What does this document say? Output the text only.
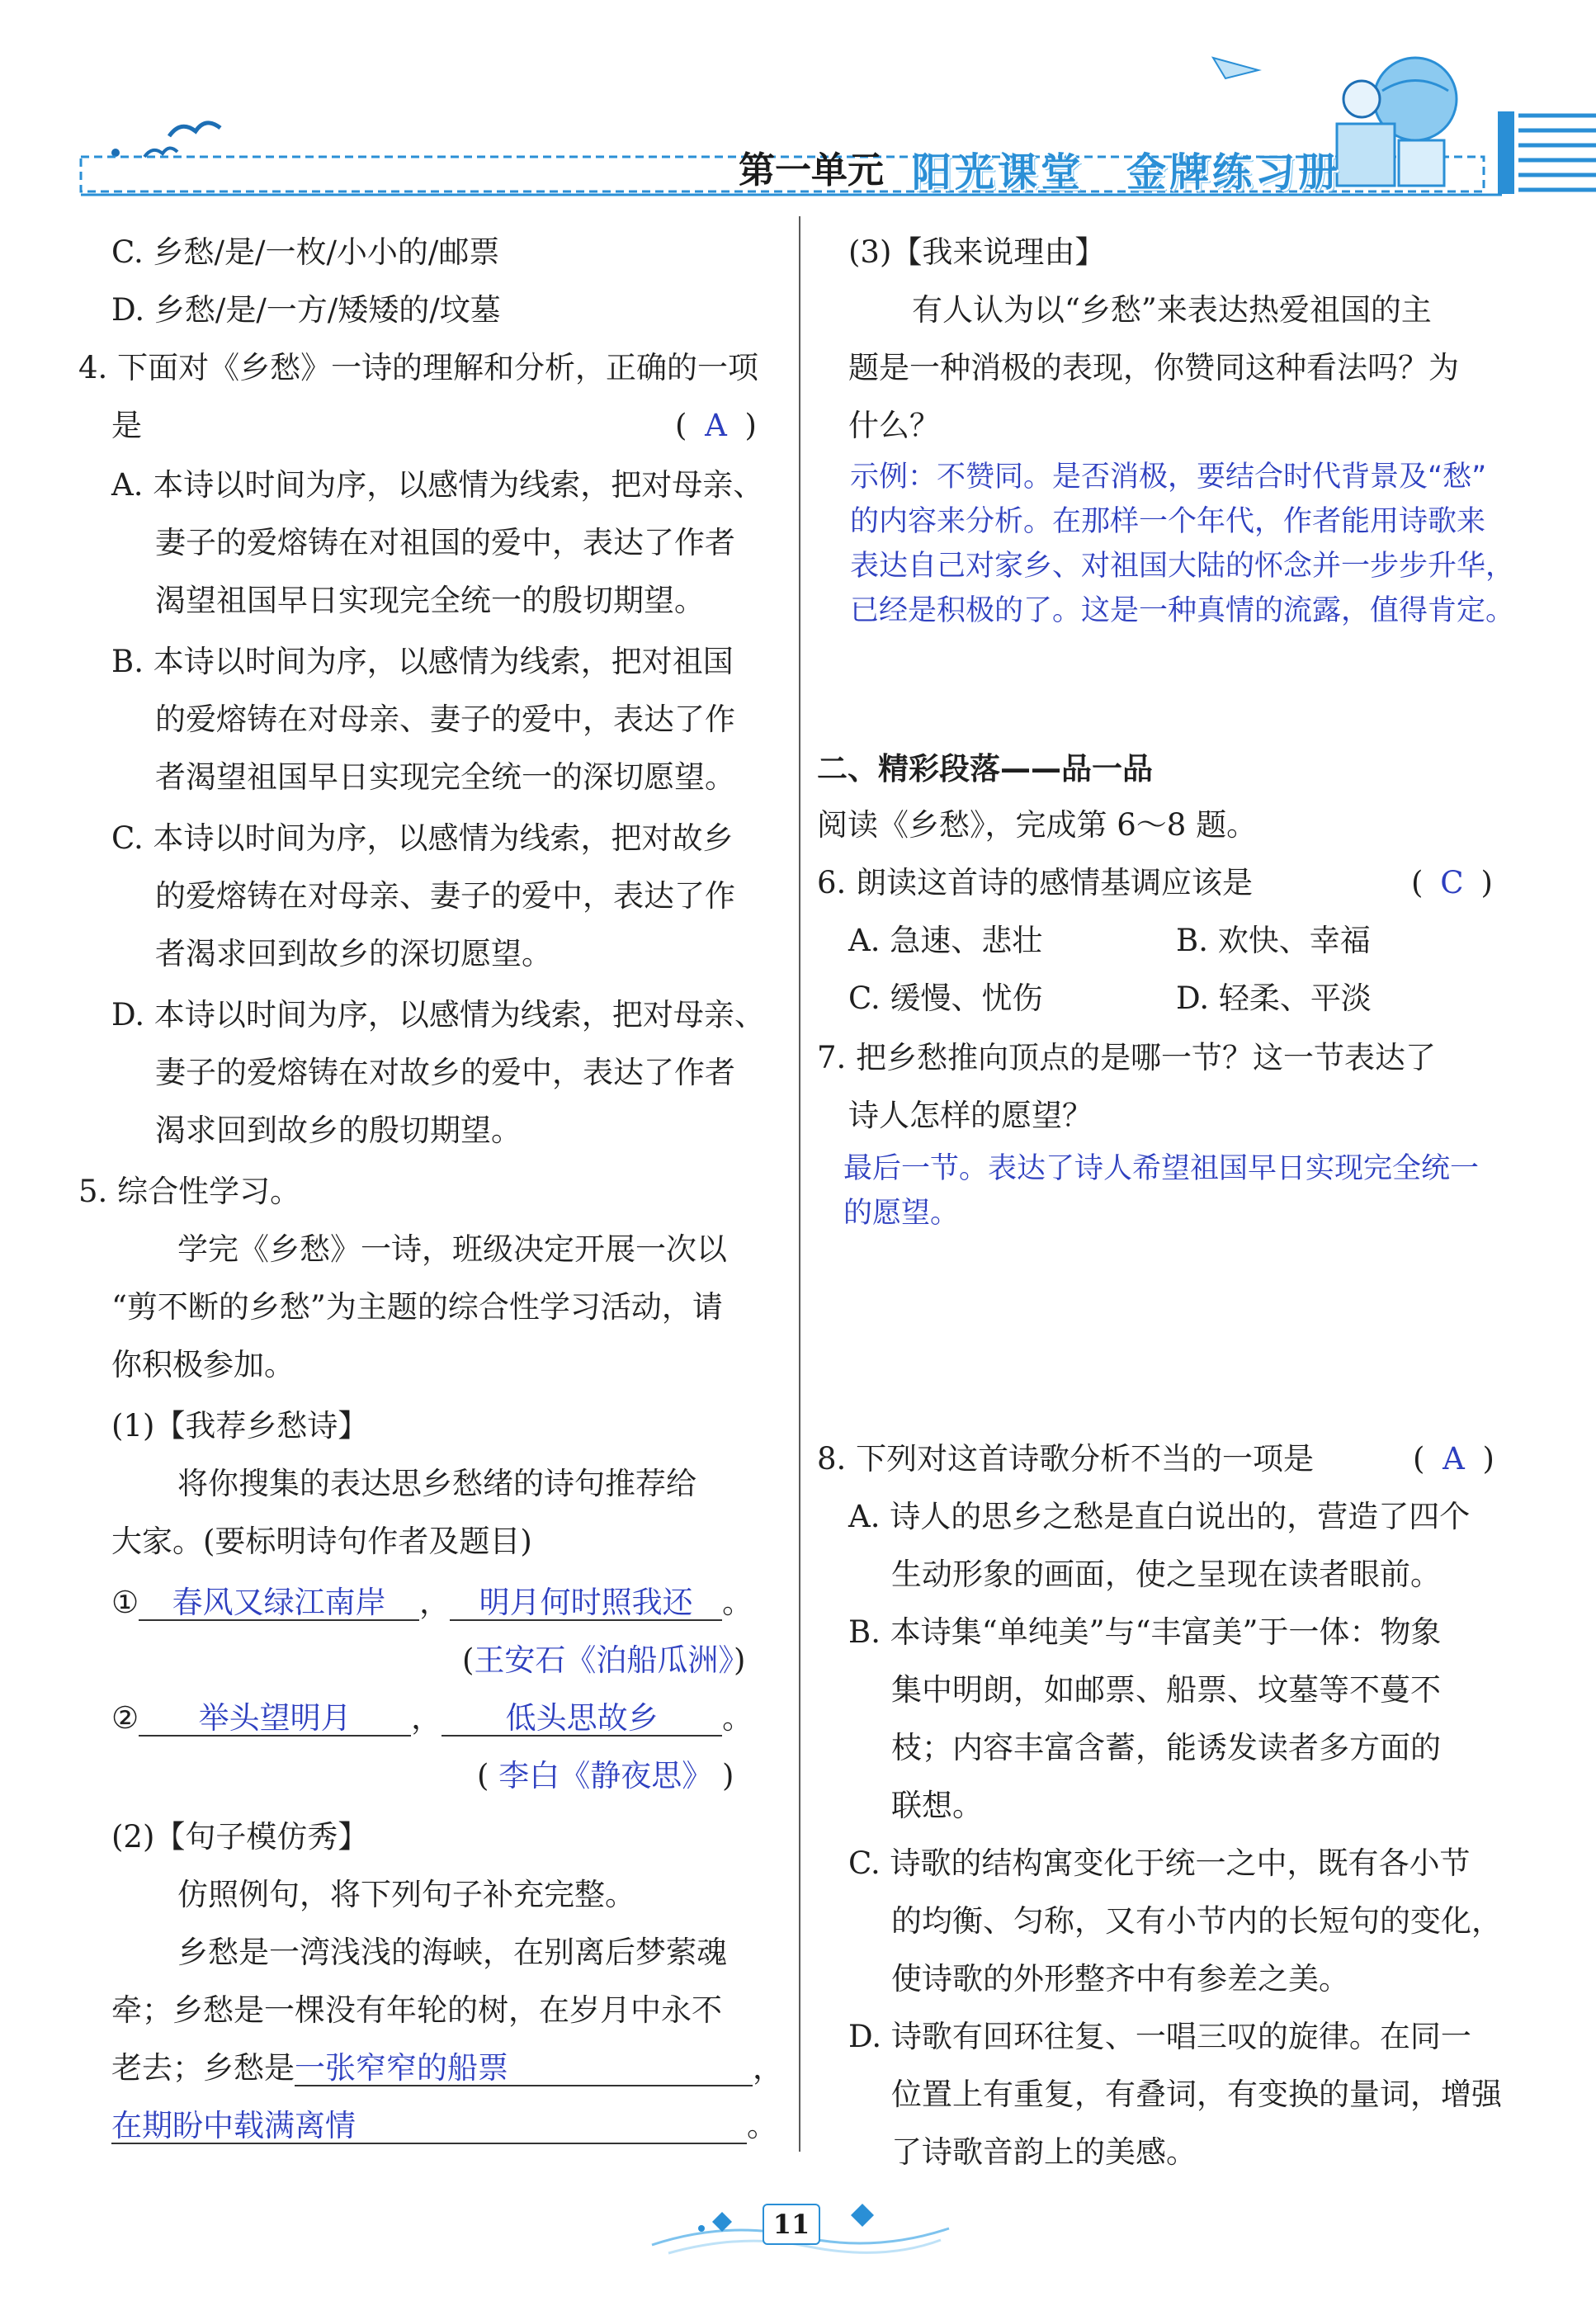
第一单元 阳光课堂　金牌练习册
C. 乡愁/是/一枚/小小的/邮票
D. 乡愁/是/一方/矮矮的/坟墓
4. 下面对《乡愁》一诗的理解和分析，正确的一项
是	( A )
A. 本诗以时间为序，以感情为线索，把对母亲、
妻子的爱熔铸在对祖国的爱中，表达了作者
渴望祖国早日实现完全统一的殷切期望。
B. 本诗以时间为序，以感情为线索，把对祖国
的爱熔铸在对母亲、妻子的爱中，表达了作
者渴望祖国早日实现完全统一的深切愿望。
C. 本诗以时间为序，以感情为线索，把对故乡
的爱熔铸在对母亲、妻子的爱中，表达了作
者渴求回到故乡的深切愿望。
D. 本诗以时间为序，以感情为线索，把对母亲、
妻子的爱熔铸在对故乡的爱中，表达了作者
渴求回到故乡的殷切期望。
5. 综合性学习。
学完《乡愁》一诗，班级决定开展一次以
“剪不断的乡愁”为主题的综合性学习活动，请
你积极参加。
(1)【我荐乡愁诗】
将你搜集的表达思乡愁绪的诗句推荐给
大家。(要标明诗句作者及题目)
① 春风又绿江南岸 ， 明月何时照我还 。
(王安石《泊船瓜洲》)
② 举头望明月 ， 低头思故乡 。
( 李白《静夜思》 )
(2)【句子模仿秀】
仿照例句，将下列句子补充完整。
乡愁是一湾浅浅的海峡，在别离后梦萦魂
牵；乡愁是一棵没有年轮的树，在岁月中永不
老去；乡愁是一张窄窄的船票	，
在期盼中载满离情	。
(3)【我来说理由】
有人认为以“乡愁”来表达热爱祖国的主
题是一种消极的表现，你赞同这种看法吗？为
什么？
示例：不赞同。是否消极，要结合时代背景及“愁”
的内容来分析。在那样一个年代，作者能用诗歌来
表达自己对家乡、对祖国大陆的怀念并一步步升华，
已经是积极的了。这是一种真情的流露，值得肯定。
二、精彩段落——品一品
阅读《乡愁》，完成第 6～8 题。
6. 朗读这首诗的感情基调应该是	( C )
A. 急速、悲壮	B. 欢快、幸福
C. 缓慢、忧伤	D. 轻柔、平淡
7. 把乡愁推向顶点的是哪一节？这一节表达了
诗人怎样的愿望？
最后一节。表达了诗人希望祖国早日实现完全统一
的愿望。
8. 下列对这首诗歌分析不当的一项是	( A )
A. 诗人的思乡之愁是直白说出的，营造了四个
生动形象的画面，使之呈现在读者眼前。
B. 本诗集“单纯美”与“丰富美”于一体：物象
集中明朗，如邮票、船票、坟墓等不蔓不
枝；内容丰富含蓄，能诱发读者多方面的
联想。
C. 诗歌的结构寓变化于统一之中，既有各小节
的均衡、匀称，又有小节内的长短句的变化，
使诗歌的外形整齐中有参差之美。
D. 诗歌有回环往复、一唱三叹的旋律。在同一
位置上有重复，有叠词，有变换的量词，增强
了诗歌音韵上的美感。
11
